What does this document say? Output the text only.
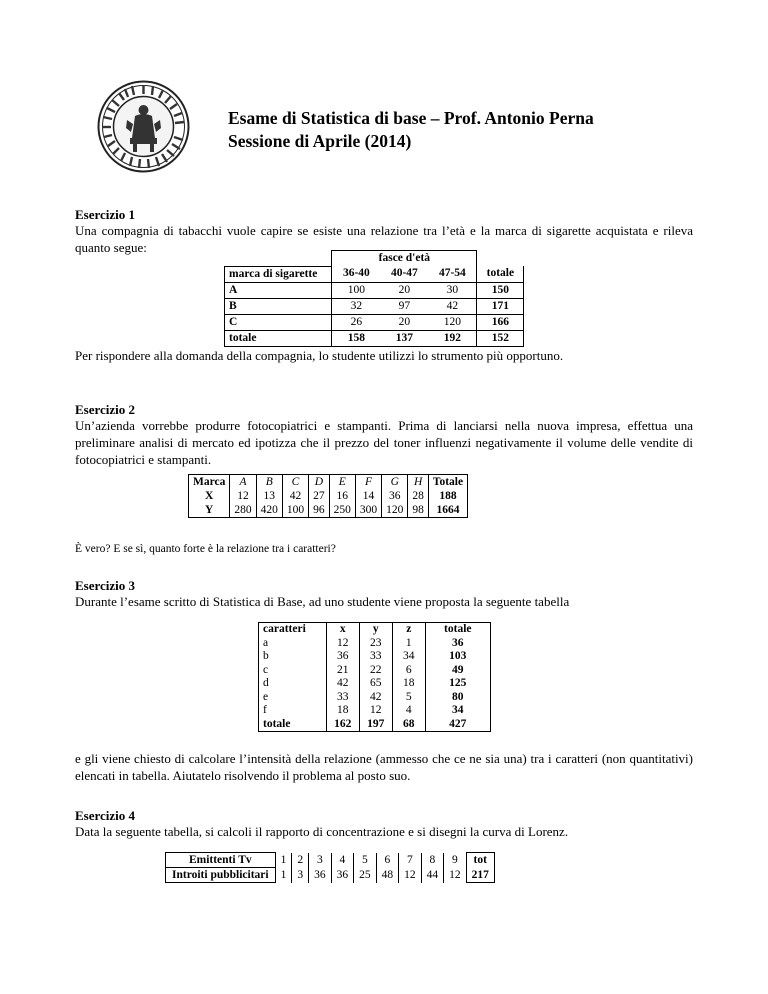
Esame di Statistica di base – Prof. Antonio Perna
Sessione di Aprile (2014)
Esercizio 1
Una compagnia di tabacchi vuole capire se esiste una relazione tra l’età e la marca di sigarette acquistata e rileva quanto segue:
	fasce d'età			
marca di sigarette	36-40	40-47	47-54	totale
A	100	20	30	150
B	32	97	42	171
C	26	20	120	166
totale	158	137	192	152
Per rispondere alla domanda della compagnia, lo studente utilizzi lo strumento più opportuno.
Esercizio 2
Un’azienda vorrebbe produrre fotocopiatrici e stampanti. Prima di lanciarsi nella nuova impresa, effettua una preliminare analisi di mercato ed ipotizza che il prezzo del toner influenzi negativamente il volume delle vendite di fotocopiatrici e stampanti.
Marca	A	B	C	D	E	F	G	H	Totale
X	12	13	42	27	16	14	36	28	188
Y	280	420	100	96	250	300	120	98	1664
È vero? E se sì, quanto forte è la relazione tra i caratteri?
Esercizio 3
Durante l’esame scritto di Statistica di Base, ad uno studente viene proposta la seguente tabella
caratteri	x	y	z	totale
a	12	23	1	36
b	36	33	34	103
c	21	22	6	49
d	42	65	18	125
e	33	42	5	80
f	18	12	4	34
totale	162	197	68	427
e gli viene chiesto di calcolare l’intensità della relazione (ammesso che ce ne sia una) tra i caratteri (non quantitativi) elencati in tabella. Aiutatelo risolvendo il problema al posto suo.
Esercizio 4
Data la seguente tabella, si calcoli il rapporto di concentrazione e si disegni la curva di Lorenz.
Emittenti Tv	1	2	3	4	5	6	7	8	9	tot
Introiti pubblicitari	1	3	36	36	25	48	12	44	12	217
